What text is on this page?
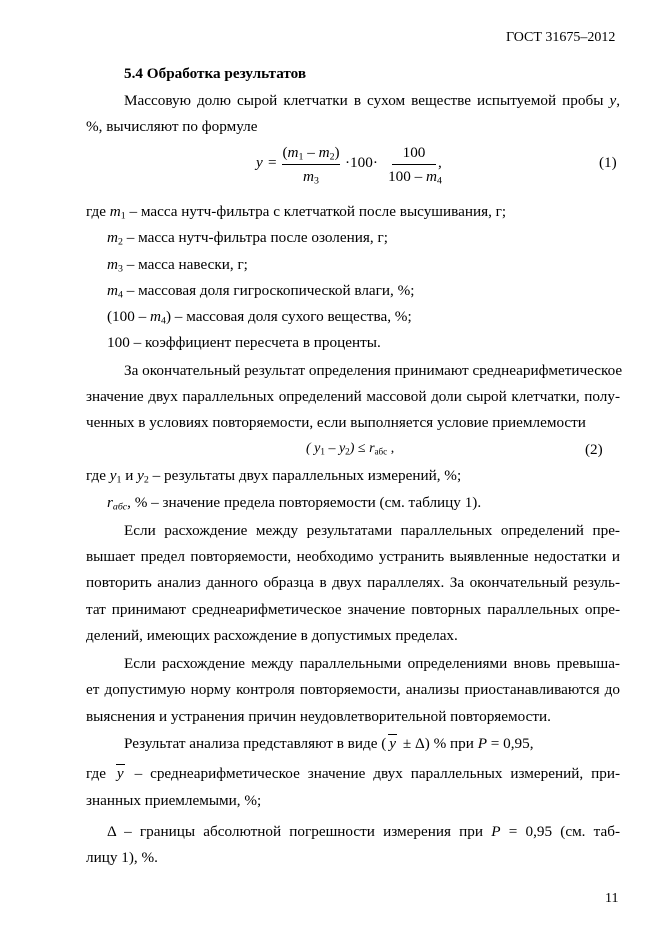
ГОСТ 31675–2012
5.4 Обработка результатов
Массовую долю сырой клетчатки в сухом веществе испытуемой пробы y,
%, вычисляют по формуле
y =
$(m_1 - m_2)$
$m_3$
·100·
100
$100 - m_4$
,	(1)
где $m_1$ – масса нутч-фильтра с клетчаткой после высушивания, г;
$m_2$ – масса нутч-фильтра после озоления, г;
$m_3$ – масса навески, г;
$m_4$ – массовая доля гигроскопической влаги, %;
$(100 - m_4)$ – массовая доля сухого вещества, %;
100 – коэффициент пересчета в проценты.
За окончательный результат определения принимают среднеарифметическое
значение двух параллельных определений массовой доли сырой клетчатки, полу-
ченных в условиях повторяемости, если выполняется условие приемлемости
( $y_1 - y_2) \le r_{абс}$ ,	(2)
где $y_1$ и $y_2$ – результаты двух параллельных измерений, %;
$r_{абс}$, % – значение предела повторяемости (см. таблицу 1).
Если расхождение между результатами параллельных определений пре-
вышает предел повторяемости, необходимо устранить выявленные недостатки и
повторить анализ данного образца в двух параллелях. За окончательный резуль-
тат принимают среднеарифметическое значение повторных параллельных опре-
делений, имеющих расхождение в допустимых пределах.
Если расхождение между параллельными определениями вновь превыша-
ет допустимую норму контроля повторяемости, анализы приостанавливаются до
выяснения и устранения причин неудовлетворительной повторяемости.
Результат анализа представляют в виде ( y ± Δ) % при P = 0,95,
где y – среднеарифметическое значение двух параллельных измерений, при-
знанных приемлемыми, %;
Δ – границы абсолютной погрешности измерения при P = 0,95 (см. таб-
лицу 1), %.
11
